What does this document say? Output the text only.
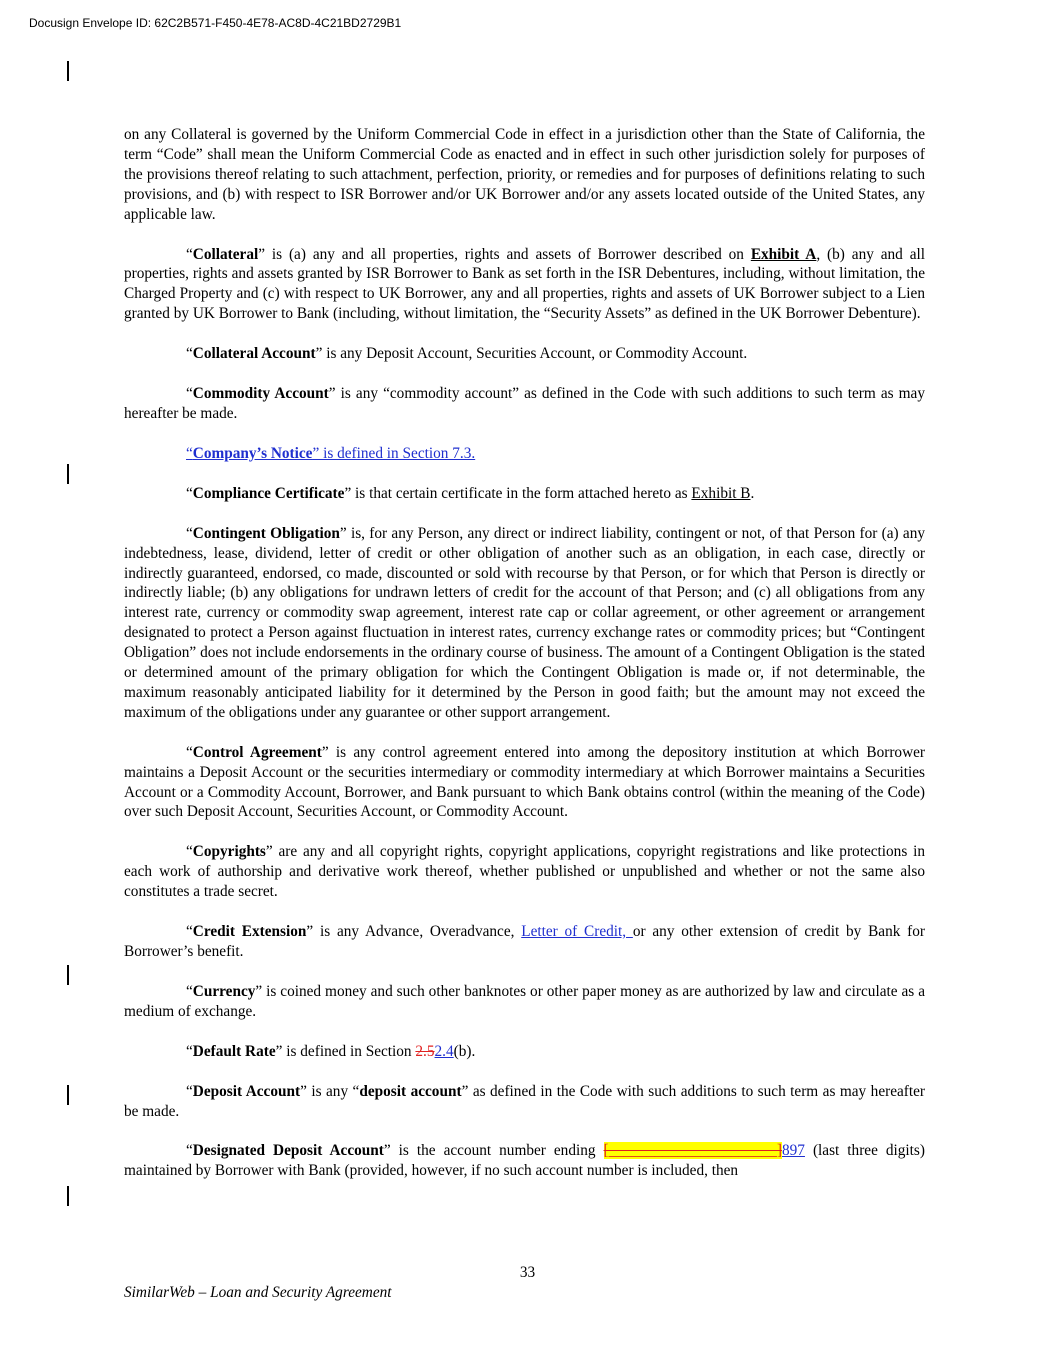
Docusign Envelope ID: 62C2B571-F450-4E78-AC8D-4C21BD2729B1

on any Collateral is governed by the Uniform Commercial Code in effect in a jurisdiction other than the State of California, the term “Code” shall mean the Uniform Commercial Code as enacted and in effect in such other jurisdiction solely for purposes of the provisions thereof relating to such attachment, perfection, priority, or remedies and for purposes of definitions relating to such provisions, and (b) with respect to ISR Borrower and/or UK Borrower and/or any assets located outside of the United States, any applicable law.

“Collateral” is (a) any and all properties, rights and assets of Borrower described on Exhibit A, (b) any and all properties, rights and assets granted by ISR Borrower to Bank as set forth in the ISR Debentures, including, without limitation, the Charged Property and (c) with respect to UK Borrower, any and all properties, rights and assets of UK Borrower subject to a Lien granted by UK Borrower to Bank (including, without limitation, the “Security Assets” as defined in the UK Borrower Debenture).

“Collateral Account” is any Deposit Account, Securities Account, or Commodity Account.

“Commodity Account” is any “commodity account” as defined in the Code with such additions to such term as may hereafter be made.

“Company’s Notice” is defined in Section 7.3.

“Compliance Certificate” is that certain certificate in the form attached hereto as Exhibit B.

“Contingent Obligation” is, for any Person, any direct or indirect liability, contingent or not, of that Person for (a) any indebtedness, lease, dividend, letter of credit or other obligation of another such as an obligation, in each case, directly or indirectly guaranteed, endorsed, co made, discounted or sold with recourse by that Person, or for which that Person is directly or indirectly liable; (b) any obligations for undrawn letters of credit for the account of that Person; and (c) all obligations from any interest rate, currency or commodity swap agreement, interest rate cap or collar agreement, or other agreement or arrangement designated to protect a Person against fluctuation in interest rates, currency exchange rates or commodity prices; but “Contingent Obligation” does not include endorsements in the ordinary course of business. The amount of a Contingent Obligation is the stated or determined amount of the primary obligation for which the Contingent Obligation is made or, if not determinable, the maximum reasonably anticipated liability for it determined by the Person in good faith; but the amount may not exceed the maximum of the obligations under any guarantee or other support arrangement.

“Control Agreement” is any control agreement entered into among the depository institution at which Borrower maintains a Deposit Account or the securities intermediary or commodity intermediary at which Borrower maintains a Securities Account or a Commodity Account, Borrower, and Bank pursuant to which Bank obtains control (within the meaning of the Code) over such Deposit Account, Securities Account, or Commodity Account.

“Copyrights” are any and all copyright rights, copyright applications, copyright registrations and like protections in each work of authorship and derivative work thereof, whether published or unpublished and whether or not the same also constitutes a trade secret.

“Credit Extension” is any Advance, Overadvance, Letter of Credit, or any other extension of credit by Bank for Borrower’s benefit.

“Currency” is coined money and such other banknotes or other paper money as are authorized by law and circulate as a medium of exchange.

“Default Rate” is defined in Section 2.52.4(b).

“Deposit Account” is any “deposit account” as defined in the Code with such additions to such term as may hereafter be made.

“Designated Deposit Account” is the account number ending [______________________]897 (last three digits) maintained by Borrower with Bank (provided, however, if no such account number is included, then

33
SimilarWeb – Loan and Security Agreement
